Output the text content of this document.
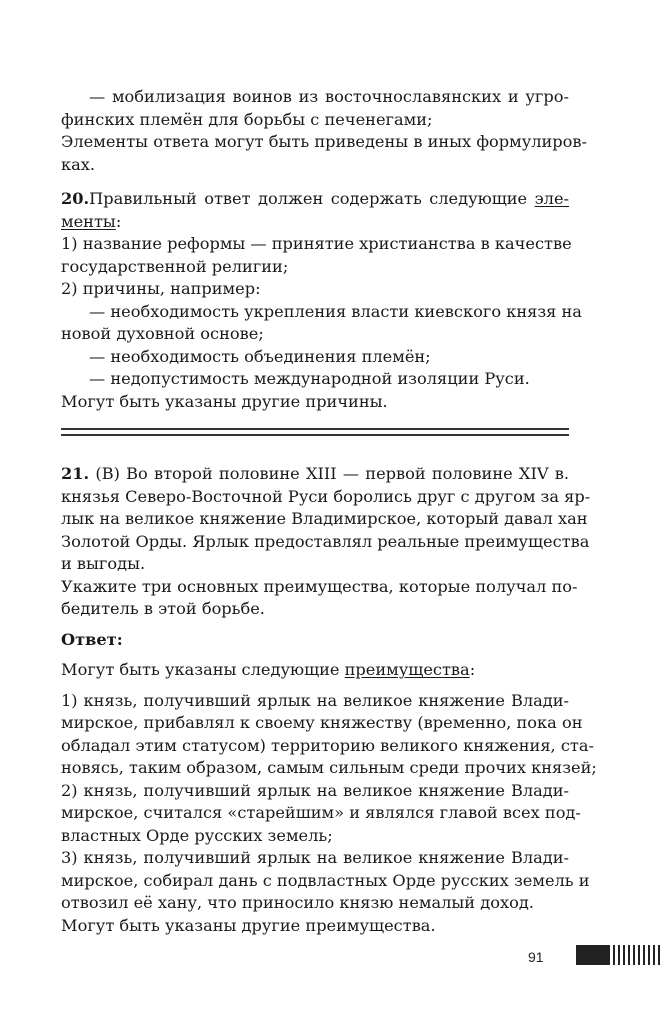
— мобилизация воинов из восточнославянских и угро-
финских племён для борьбы с печенегами;
Элементы ответа могут быть приведены в иных формулиров-
ках.
20.Правильный ответ должен содержать следующие эле-
менты:
1) название реформы — принятие христианства в качестве
государственной религии;
2) причины, например:
— необходимость укрепления власти киевского князя на
новой духовной основе;
— необходимость объединения племён;
— недопустимость международной изоляции Руси.
Могут быть указаны другие причины.
21. (В) Во второй половине XIII — первой половине XIV в.
князья Северо-Восточной Руси боролись друг с другом за яр-
лык на великое княжение Владимирское, который давал хан
Золотой Орды. Ярлык предоставлял реальные преимущества
и выгоды.
Укажите три основных преимущества, которые получал по-
бедитель в этой борьбе.
Ответ:
Могут быть указаны следующие преимущества:
1) князь, получивший ярлык на великое княжение Влади-
мирское, прибавлял к своему княжеству (временно, пока он
обладал этим статусом) территорию великого княжения, ста-
новясь, таким образом, самым сильным среди прочих князей;
2) князь, получивший ярлык на великое княжение Влади-
мирское, считался «старейшим» и являлся главой всех под-
властных Орде русских земель;
3) князь, получивший ярлык на великое княжение Влади-
мирское, собирал дань с подвластных Орде русских земель и
отвозил её хану, что приносило князю немалый доход.
Могут быть указаны другие преимущества.
91
